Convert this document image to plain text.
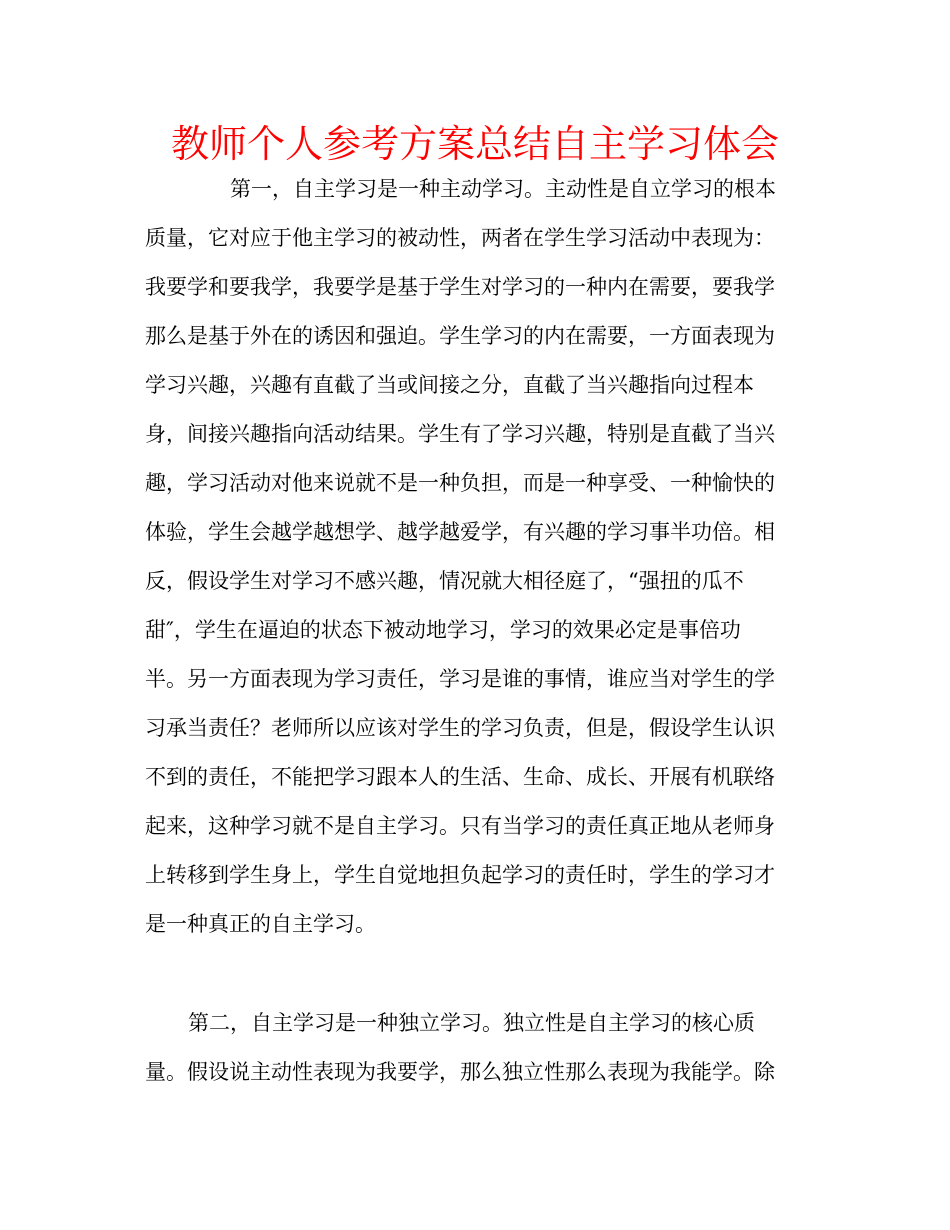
教师个人参考方案总结自主学习体会
第一，自主学习是一种主动学习。主动性是自立学习的根本
质量，它对应于他主学习的被动性，两者在学生学习活动中表现为：
我要学和要我学，我要学是基于学生对学习的一种内在需要，要我学
那么是基于外在的诱因和强迫。学生学习的内在需要，一方面表现为
学习兴趣，兴趣有直截了当或间接之分，直截了当兴趣指向过程本
身，间接兴趣指向活动结果。学生有了学习兴趣，特别是直截了当兴
趣，学习活动对他来说就不是一种负担，而是一种享受、一种愉快的
体验，学生会越学越想学、越学越爱学，有兴趣的学习事半功倍。相
反，假设学生对学习不感兴趣，情况就大相径庭了，“强扭的瓜不
甜″，学生在逼迫的状态下被动地学习，学习的效果必定是事倍功
半。另一方面表现为学习责任，学习是谁的事情，谁应当对学生的学
习承当责任？老师所以应该对学生的学习负责，但是，假设学生认识
不到的责任，不能把学习跟本人的生活、生命、成长、开展有机联络
起来，这种学习就不是自主学习。只有当学习的责任真正地从老师身
上转移到学生身上，学生自觉地担负起学习的责任时，学生的学习才
是一种真正的自主学习。
第二，自主学习是一种独立学习。独立性是自主学习的核心质
量。假设说主动性表现为我要学，那么独立性那么表现为我能学。除
